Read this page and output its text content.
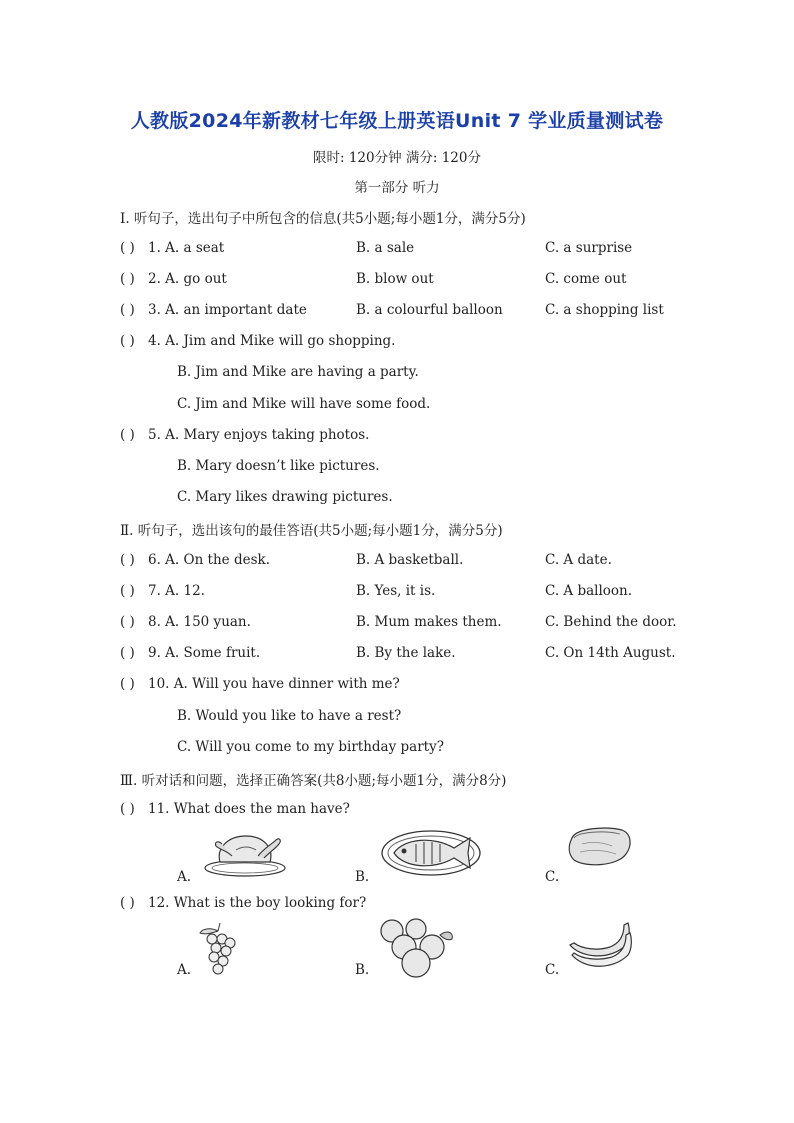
人教版2024年新教材七年级上册英语Unit 7 学业质量测试卷
限时: 120分钟 满分: 120分
第一部分 听力
Ⅰ. 听句子，选出句子中所包含的信息(共5小题;每小题1分，满分5分)
( ) 1. A. a seat	B. a sale	C. a surprise
( ) 2. A. go out	B. blow out	C. come out
( ) 3. A. an important date	B. a colourful balloon	C. a shopping list
( ) 4. A. Jim and Mike will go shopping.
B. Jim and Mike are having a party.
C. Jim and Mike will have some food.
( ) 5. A. Mary enjoys taking photos.
B. Mary doesn’t like pictures.
C. Mary likes drawing pictures.
Ⅱ. 听句子，选出该句的最佳答语(共5小题;每小题1分，满分5分)
( ) 6. A. On the desk.	B. A basketball.	C. A date.
( ) 7. A. 12.	B. Yes, it is.	C. A balloon.
( ) 8. A. 150 yuan.	B. Mum makes them.	C. Behind the door.
( ) 9. A. Some fruit.	B. By the lake.	C. On 14th August.
( ) 10. A. Will you have dinner with me?
B. Would you like to have a rest?
C. Will you come to my birthday party?
Ⅲ. 听对话和问题，选择正确答案(共8小题;每小题1分，满分8分)
( ) 11. What does the man have?
A.	B.	C.
( ) 12. What is the boy looking for?
A.	B.	C.
